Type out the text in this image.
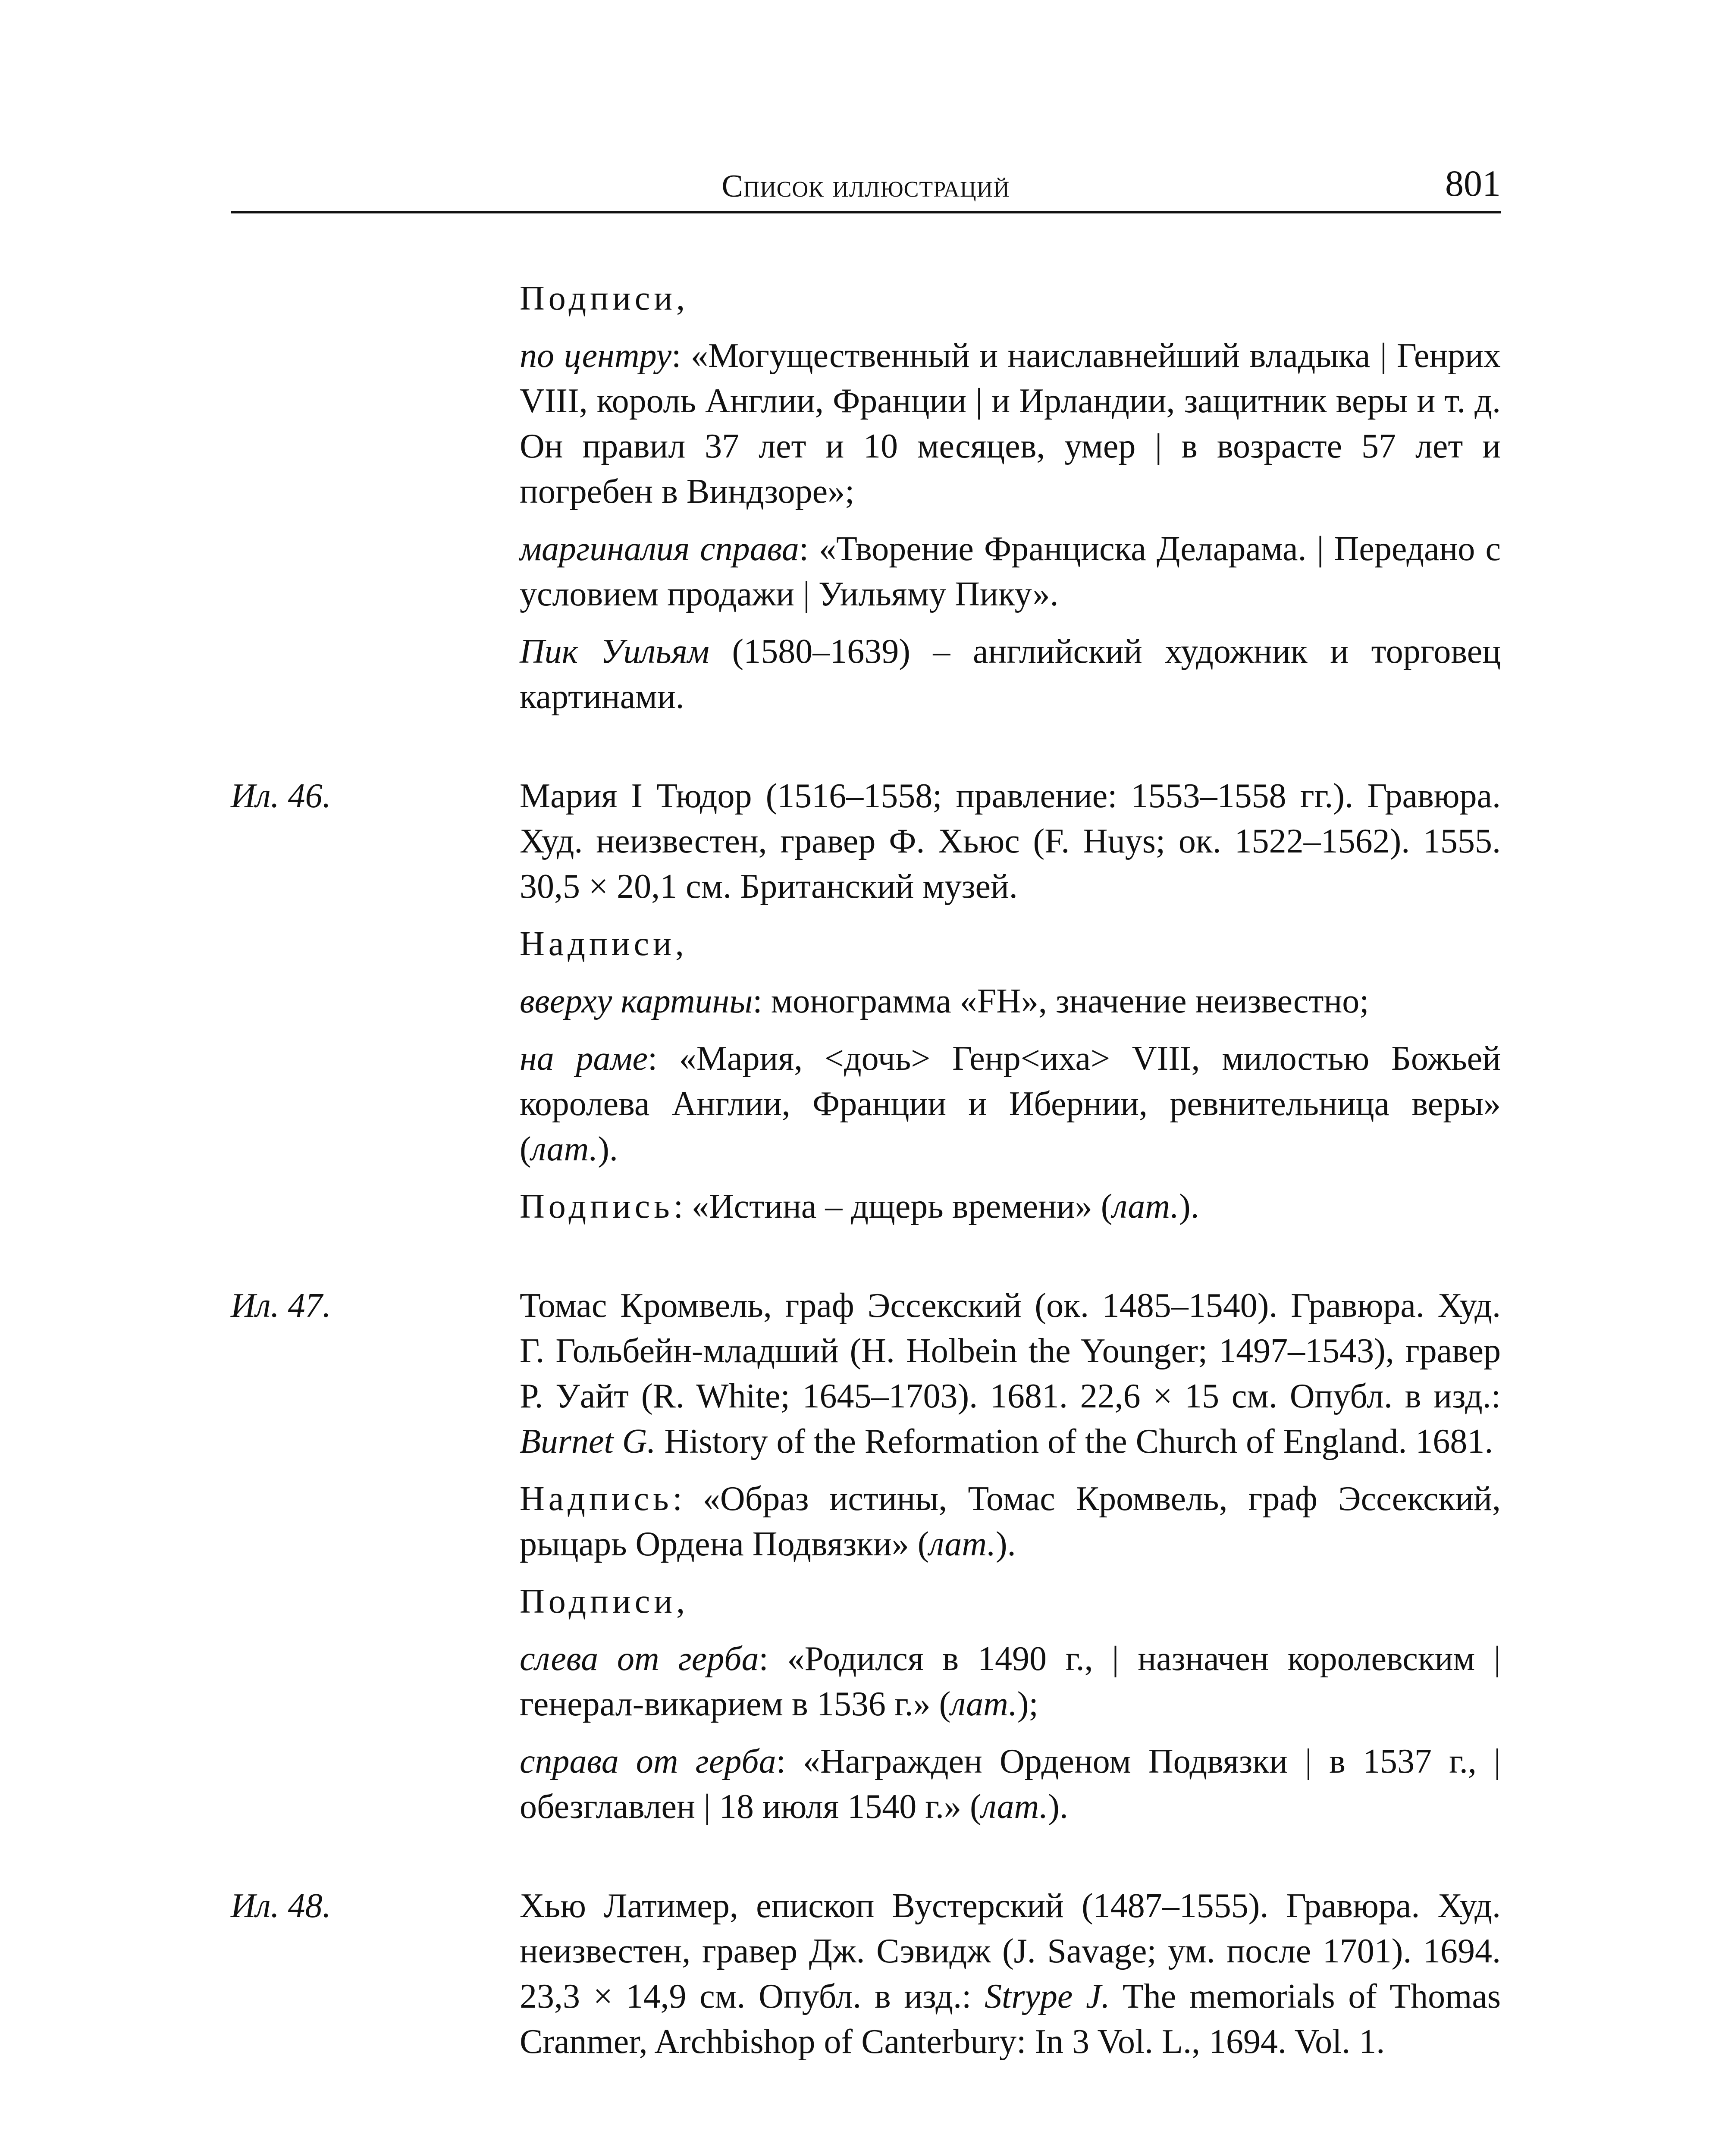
Список иллюстраций	801

Подписи,

по центру: «Могущественный и наиславнейший владыка | Генрих VIII, король Англии, Франции | и Ирландии, защитник веры и т. д. Он правил 37 лет и 10 месяцев, умер | в возрасте 57 лет и погребен в Виндзоре»;

маргиналия справа: «Творение Франциска Деларама. | Передано с условием продажи | Уильяму Пику».

Пик Уильям (1580–1639) – английский художник и торговец картинами.

Ил. 46.	Мария I Тюдор (1516–1558; правление: 1553–1558 гг.). Гравюра. Худ. неизвестен, гравер Ф. Хьюс (F. Huys; ок. 1522–1562). 1555. 30,5 × 20,1 см. Британский музей.

Надписи,

вверху картины: монограмма «FH», значение неизвестно;

на раме: «Мария, <дочь> Генр<иха> VIII, милостью Божьей королева Англии, Франции и Ибернии, ревнительница веры» (лат.).

Подпись: «Истина – дщерь времени» (лат.).

Ил. 47.	Томас Кромвель, граф Эссекский (ок. 1485–1540). Гравюра. Худ. Г. Гольбейн-младший (H. Holbein the Younger; 1497–1543), гравер Р. Уайт (R. White; 1645–1703). 1681. 22,6 × 15 см. Опубл. в изд.: Burnet G. History of the Reformation of the Church of England. 1681.

Надпись: «Образ истины, Томас Кромвель, граф Эссекский, рыцарь Ордена Подвязки» (лат.).

Подписи,

слева от герба: «Родился в 1490 г., | назначен королевским | генерал-викарием в 1536 г.» (лат.);

справа от герба: «Награжден Орденом Подвязки | в 1537 г., | обезглавлен | 18 июля 1540 г.» (лат.).

Ил. 48.	Хью Латимер, епископ Вустерский (1487–1555). Гравюра. Худ. неизвестен, гравер Дж. Сэвидж (J. Savage; ум. после 1701). 1694. 23,3 × 14,9 см. Опубл. в изд.: Strype J. The memorials of Thomas Cranmer, Archbishop of Canterbury: In 3 Vol. L., 1694. Vol. 1.
